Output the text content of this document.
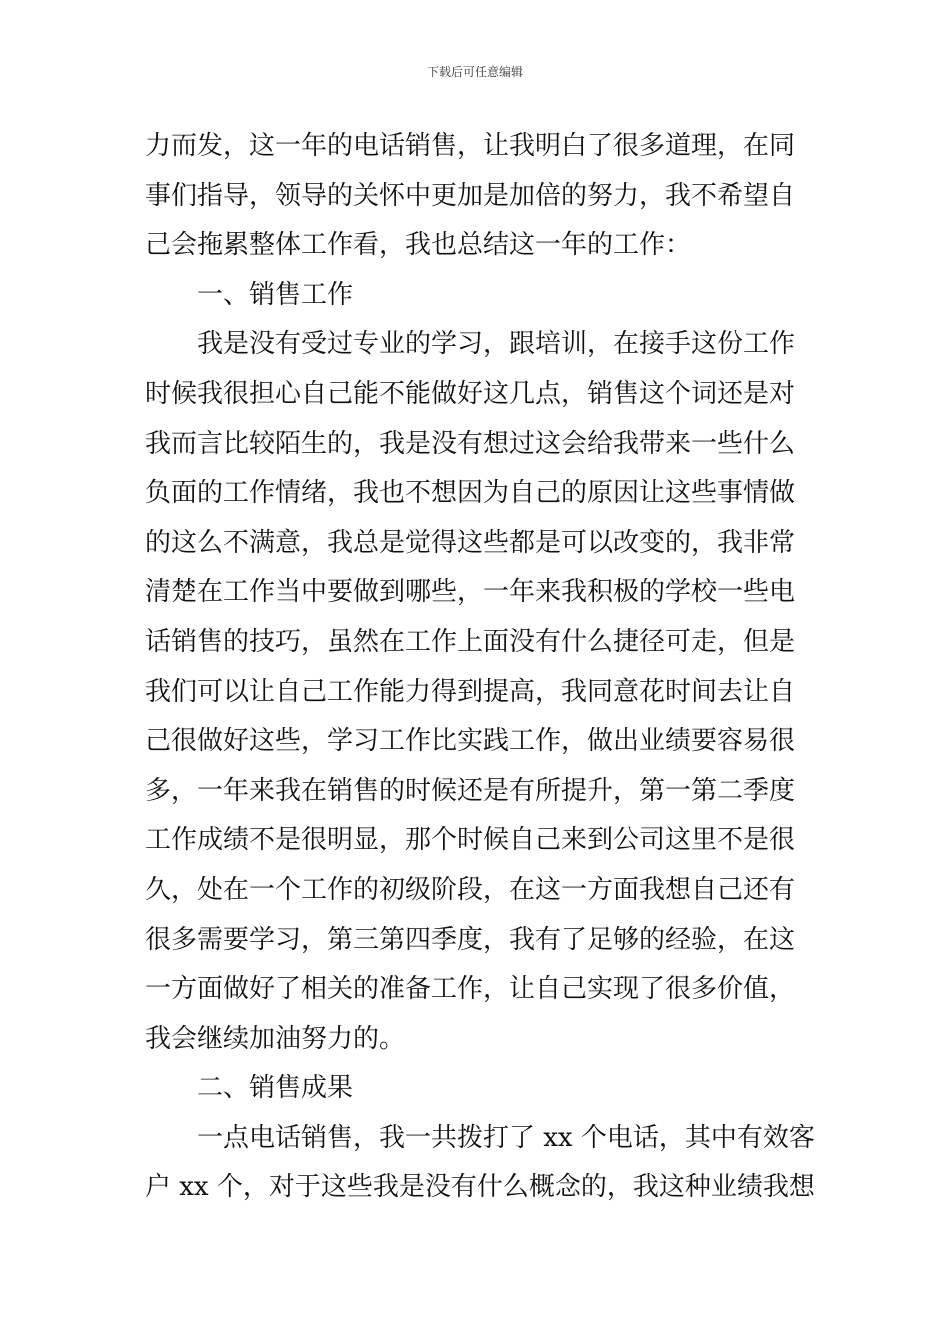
下载后可任意编辑
力而发，这一年的电话销售，让我明白了很多道理，在同
事们指导，领导的关怀中更加是加倍的努力，我不希望自
己会拖累整体工作看，我也总结这一年的工作：
一、销售工作
我是没有受过专业的学习，跟培训，在接手这份工作
时候我很担心自己能不能做好这几点，销售这个词还是对
我而言比较陌生的，我是没有想过这会给我带来一些什么
负面的工作情绪，我也不想因为自己的原因让这些事情做
的这么不满意，我总是觉得这些都是可以改变的，我非常
清楚在工作当中要做到哪些，一年来我积极的学校一些电
话销售的技巧，虽然在工作上面没有什么捷径可走，但是
我们可以让自己工作能力得到提高，我同意花时间去让自
己很做好这些，学习工作比实践工作，做出业绩要容易很
多，一年来我在销售的时候还是有所提升，第一第二季度
工作成绩不是很明显，那个时候自己来到公司这里不是很
久，处在一个工作的初级阶段，在这一方面我想自己还有
很多需要学习，第三第四季度，我有了足够的经验，在这
一方面做好了相关的准备工作，让自己实现了很多价值，
我会继续加油努力的。
二、销售成果
一点电话销售，我一共拨打了 xx 个电话，其中有效客
户 xx 个，对于这些我是没有什么概念的，我这种业绩我想
